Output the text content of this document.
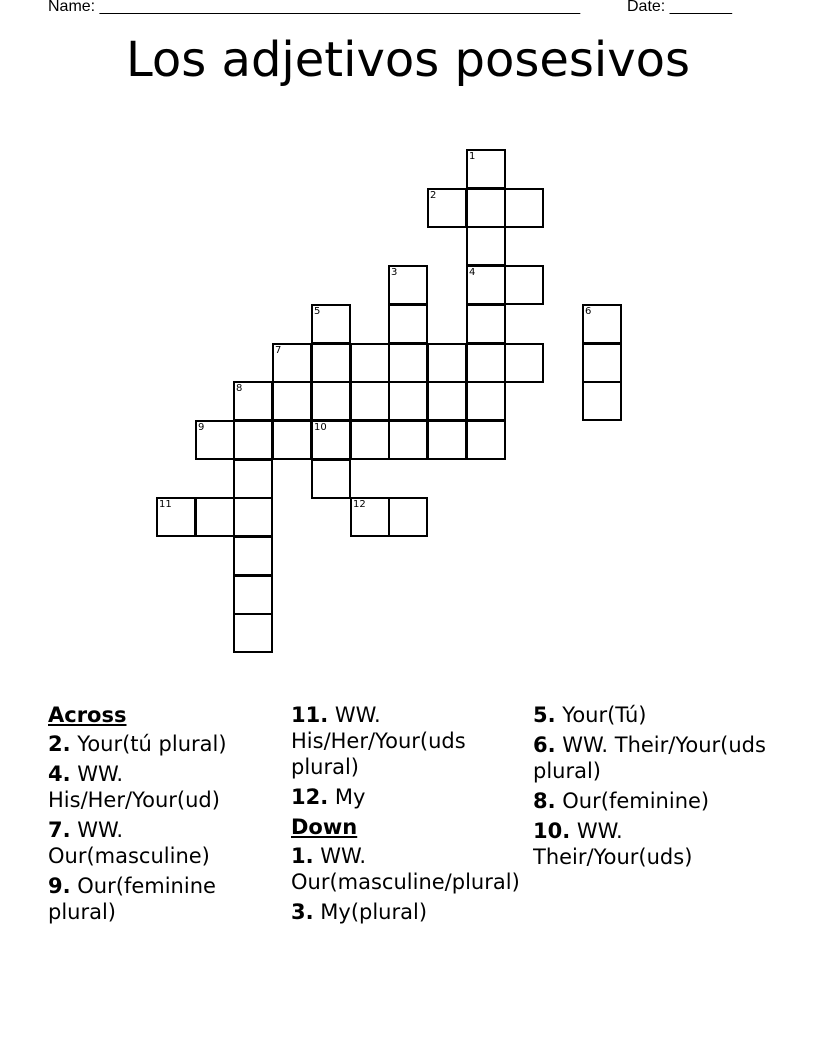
Name: ______________________________________________________	Date: _______
Los adjetivos posesivos
1
2
3	4
5	6
7
8
9	10
11	12
Across
2. Your(tú plural)
4. WW. His/Her/Your(ud)
7. WW. Our(masculine)
9. Our(feminine plural)
11. WW. His/Her/Your(uds plural)
12. My
Down
1. WW. Our(masculine/plural)
3. My(plural)
5. Your(Tú)
6. WW. Their/Your(uds plural)
8. Our(feminine)
10. WW. Their/Your(uds)
